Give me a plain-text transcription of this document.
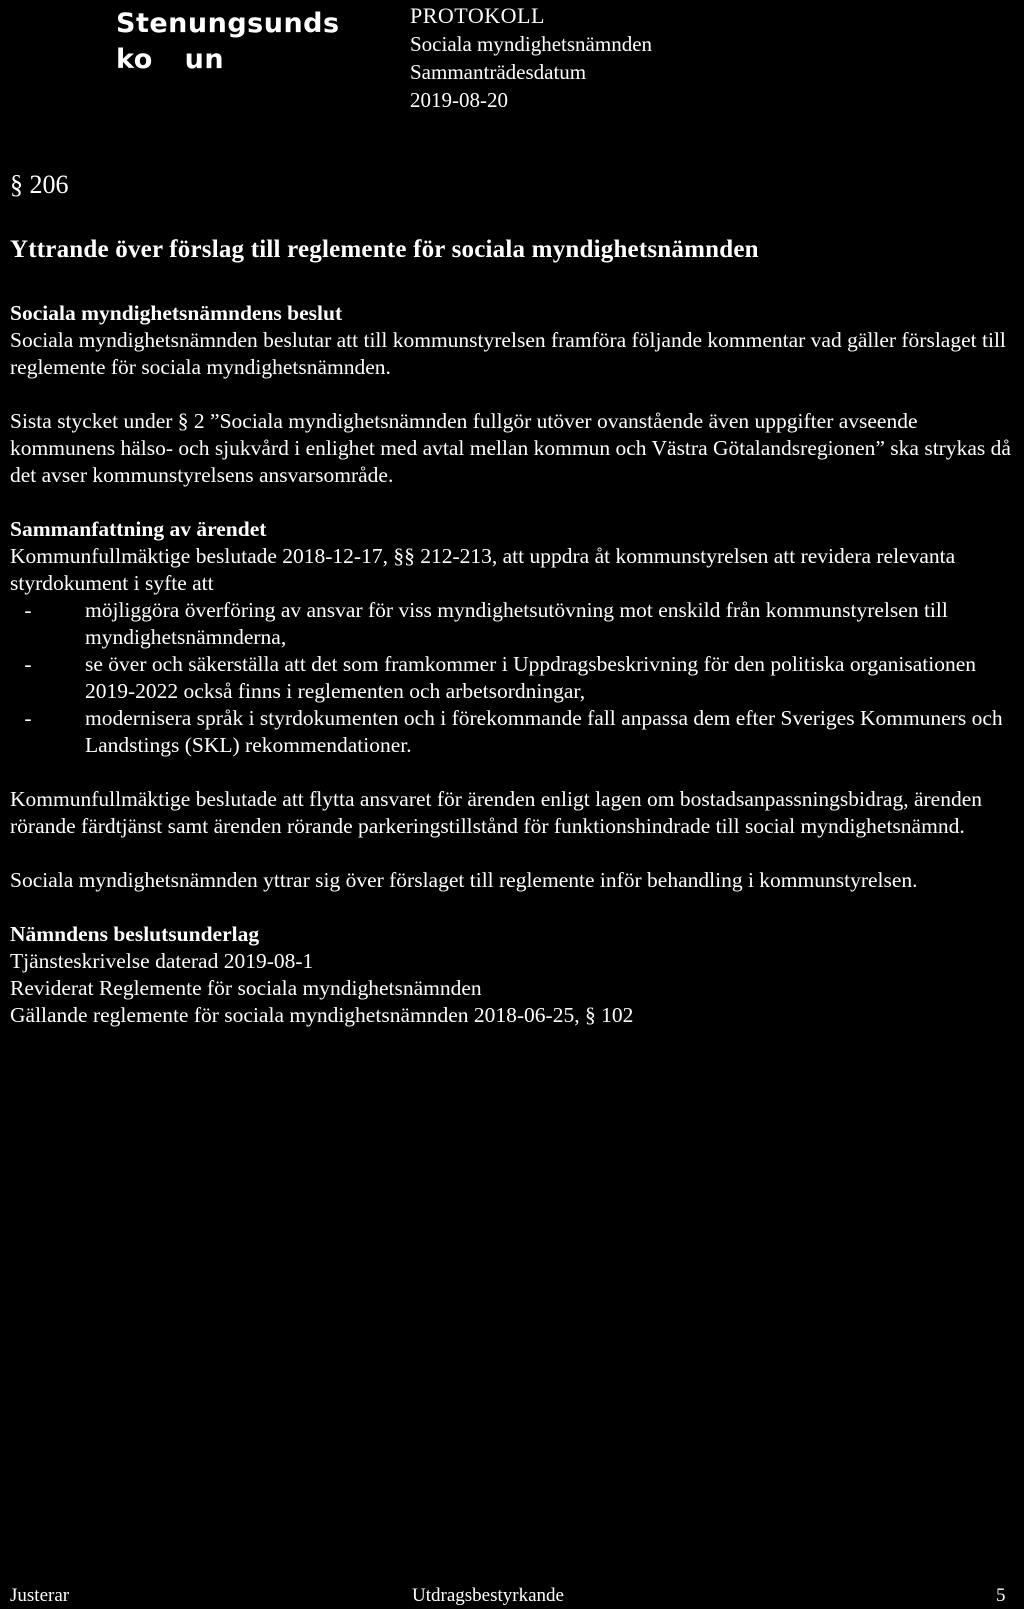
Stenungsunds
ko un
PROTOKOLL
Sociala myndighetsnämnden
Sammanträdesdatum
2019-08-20
§ 206
Yttrande över förslag till reglemente för sociala myndighetsnämnden
Sociala myndighetsnämndens beslut

Sociala myndighetsnämnden beslutar att till kommunstyrelsen framföra följande kommentar vad gäller förslaget till reglemente för sociala myndighetsnämnden.

Sista stycket under § 2 ”Sociala myndighetsnämnden fullgör utöver ovanstående även uppgifter avseende kommunens hälso- och sjukvård i enlighet med avtal mellan kommun och Västra Götalandsregionen” ska strykas då det avser kommunstyrelsens ansvarsområde.

Sammanfattning av ärendet

Kommunfullmäktige beslutade 2018-12-17, §§ 212-213, att uppdra åt kommunstyrelsen att revidera relevanta styrdokument i syfte att

-	möjliggöra överföring av ansvar för viss myndighetsutövning mot enskild från kommunstyrelsen till myndighetsnämnderna,
-	se över och säkerställa att det som framkommer i Uppdragsbeskrivning för den politiska organisationen 2019-2022 också finns i reglementen och arbetsordningar,
-	modernisera språk i styrdokumenten och i förekommande fall anpassa dem efter Sveriges Kommuners och Landstings (SKL) rekommendationer.

Kommunfullmäktige beslutade att flytta ansvaret för ärenden enligt lagen om bostadsanpassningsbidrag, ärenden rörande färdtjänst samt ärenden rörande parkeringstillstånd för funktionshindrade till social myndighetsnämnd.

Sociala myndighetsnämnden yttrar sig över förslaget till reglemente inför behandling i kommunstyrelsen.

Nämndens beslutsunderlag
Tjänsteskrivelse daterad 2019-08-1
Reviderat Reglemente för sociala myndighetsnämnden
Gällande reglemente för sociala myndighetsnämnden 2018-06-25, § 102
Justerar	Utdragsbestyrkande	5
